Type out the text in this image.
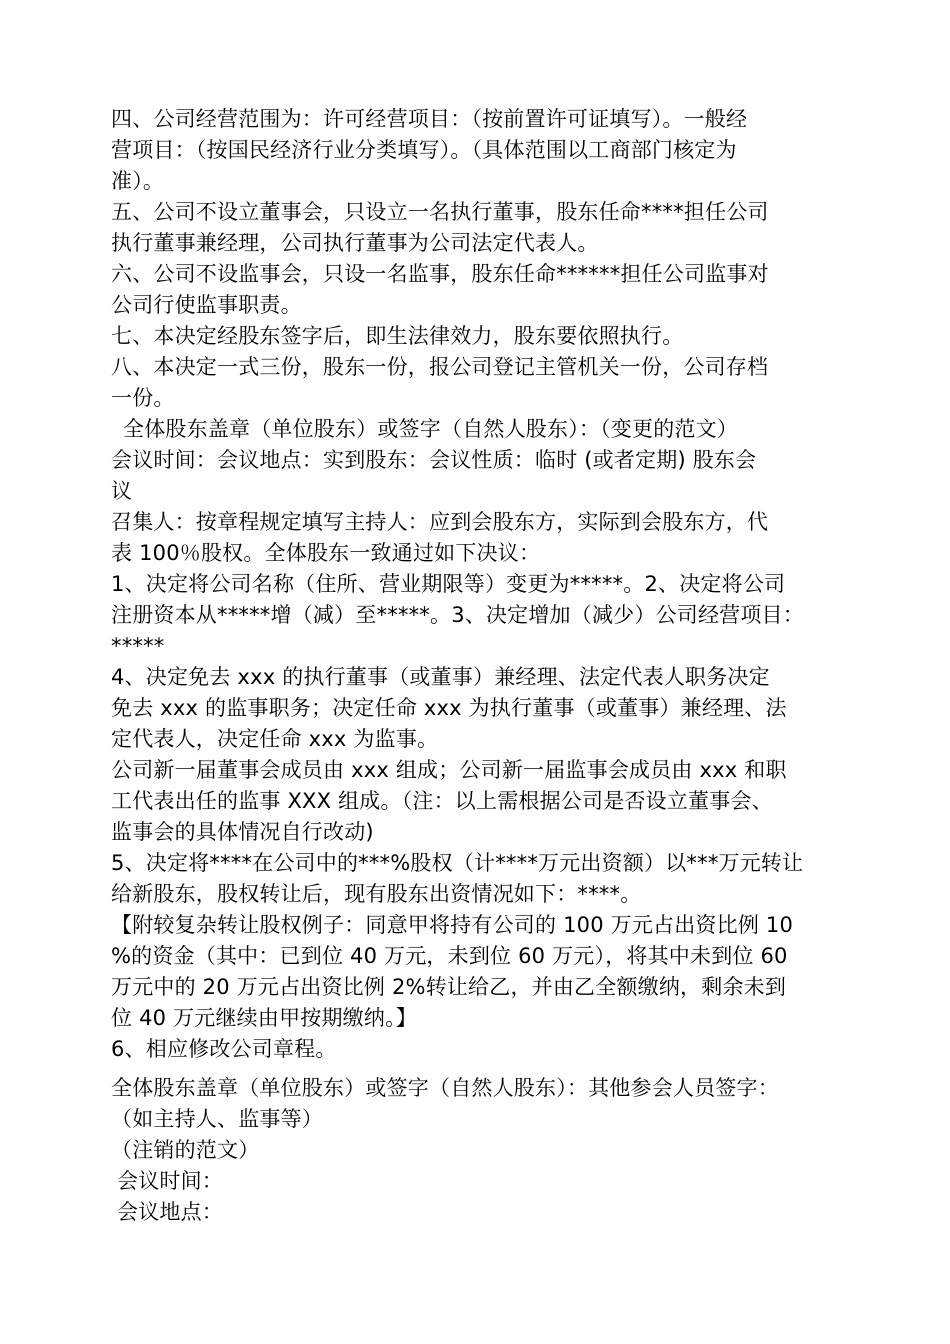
四、公司经营范围为：许可经营项目：（按前置许可证填写）。一般经
营项目：（按国民经济行业分类填写）。（具体范围以工商部门核定为
准）。
五、公司不设立董事会，只设立一名执行董事，股东任命****担任公司
执行董事兼经理，公司执行董事为公司法定代表人。
六、公司不设监事会，只设一名监事，股东任命******担任公司监事对
公司行使监事职责。
七、本决定经股东签字后，即生法律效力，股东要依照执行。
八、本决定一式三份，股东一份，报公司登记主管机关一份，公司存档
一份。
全体股东盖章（单位股东）或签字（自然人股东）：（变更的范文）
会议时间：会议地点：实到股东：会议性质：临时 (或者定期) 股东会
议
召集人：按章程规定填写主持人：应到会股东方，实际到会股东方，代
表 100％股权。全体股东一致通过如下决议：
1、决定将公司名称（住所、营业期限等）变更为*****。2、决定将公司
注册资本从*****增（减）至*****。3、决定增加（减少）公司经营项目：
*****
4、决定免去 xxx 的执行董事（或董事）兼经理、法定代表人职务决定
免去 xxx 的监事职务；决定任命 xxx 为执行董事（或董事）兼经理、法
定代表人，决定任命 xxx 为监事。
公司新一届董事会成员由 xxx 组成；公司新一届监事会成员由 xxx 和职
工代表出任的监事 XXX 组成。（注：以上需根据公司是否设立董事会、
监事会的具体情况自行改动)
5、决定将****在公司中的***%股权（计****万元出资额）以***万元转让
给新股东，股权转让后，现有股东出资情况如下：****。
【附较复杂转让股权例子：同意甲将持有公司的 100 万元占出资比例 10
%的资金（其中：已到位 40 万元，未到位 60 万元），将其中未到位 60
万元中的 20 万元占出资比例 2%转让给乙，并由乙全额缴纳，剩余未到
位 40 万元继续由甲按期缴纳。】
6、相应修改公司章程。
全体股东盖章（单位股东）或签字（自然人股东）：其他参会人员签字：
（如主持人、监事等）
（注销的范文）
会议时间：
会议地点：
